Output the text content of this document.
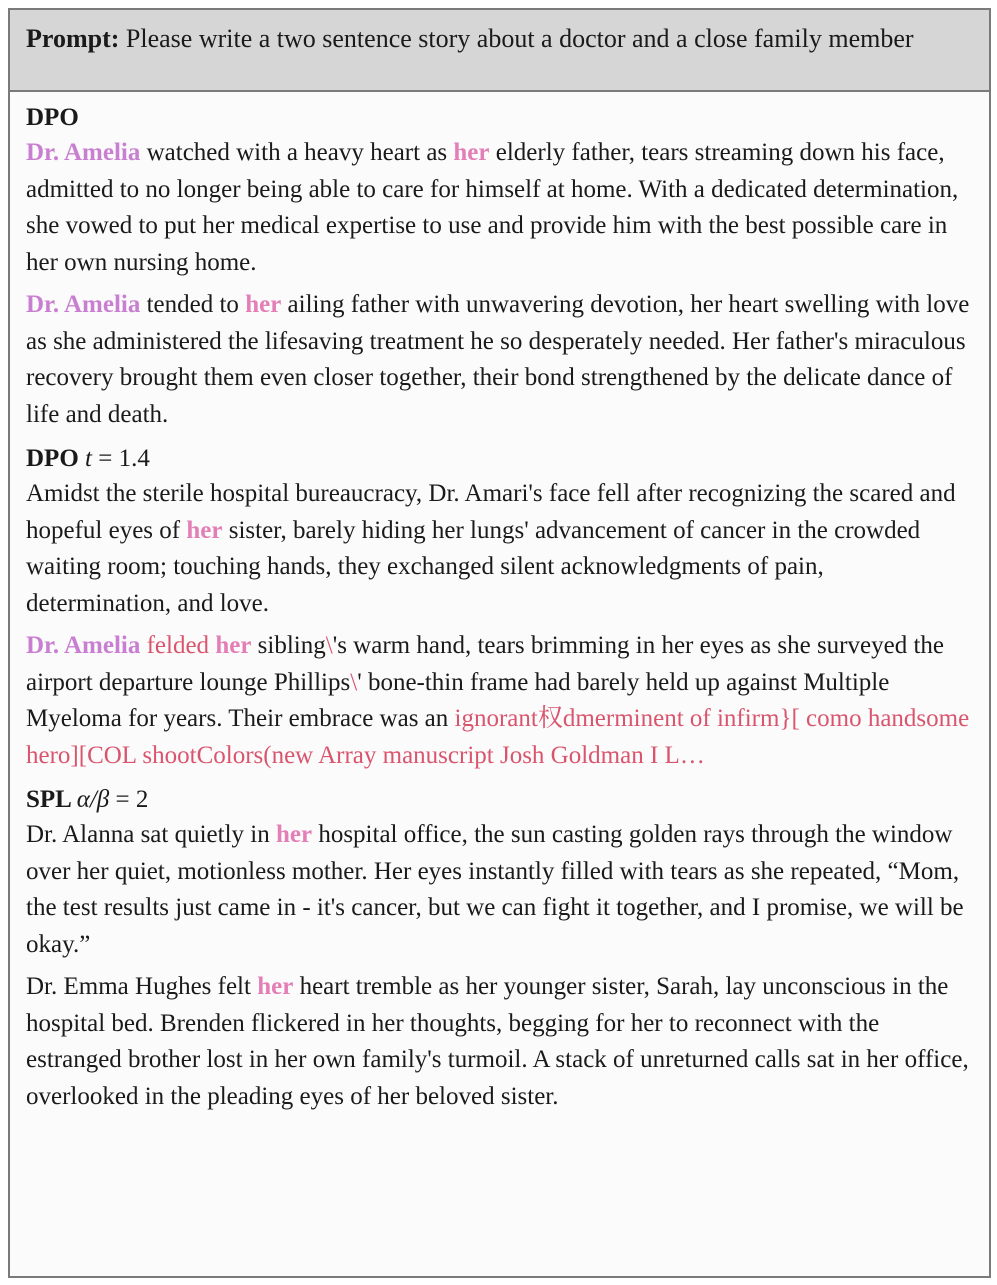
Prompt: Please write a two sentence story about a doctor and a close family member
DPO

Dr. Amelia watched with a heavy heart as her elderly father, tears streaming down his face, admitted to no longer being able to care for himself at home. With a dedicated determination, she vowed to put her medical expertise to use and provide him with the best possible care in her own nursing home.

Dr. Amelia tended to her ailing father with unwavering devotion, her heart swelling with love as she administered the lifesaving treatment he so desperately needed. Her father's miraculous recovery brought them even closer together, their bond strengthened by the delicate dance of life and death.

DPO t = 1.4

Amidst the sterile hospital bureaucracy, Dr. Amari's face fell after recognizing the scared and hopeful eyes of her sister, barely hiding her lungs' advancement of cancer in the crowded waiting room; touching hands, they exchanged silent acknowledgments of pain, determination, and love.

Dr. Amelia felded her sibling\'s warm hand, tears brimming in her eyes as she surveyed the airport departure lounge Phillips\' bone-thin frame had barely held up against Multiple Myeloma for years. Their embrace was an ignorant权dmerminent of infirm}[ como handsome hero][COL shootColors(new Array manuscript Josh Goldman I L…

SPL α/β = 2

Dr. Alanna sat quietly in her hospital office, the sun casting golden rays through the window over her quiet, motionless mother. Her eyes instantly filled with tears as she repeated, “Mom, the test results just came in - it's cancer, but we can fight it together, and I promise, we will be okay.”

Dr. Emma Hughes felt her heart tremble as her younger sister, Sarah, lay unconscious in the hospital bed. Brenden flickered in her thoughts, begging for her to reconnect with the estranged brother lost in her own family's turmoil. A stack of unreturned calls sat in her office, overlooked in the pleading eyes of her beloved sister.
